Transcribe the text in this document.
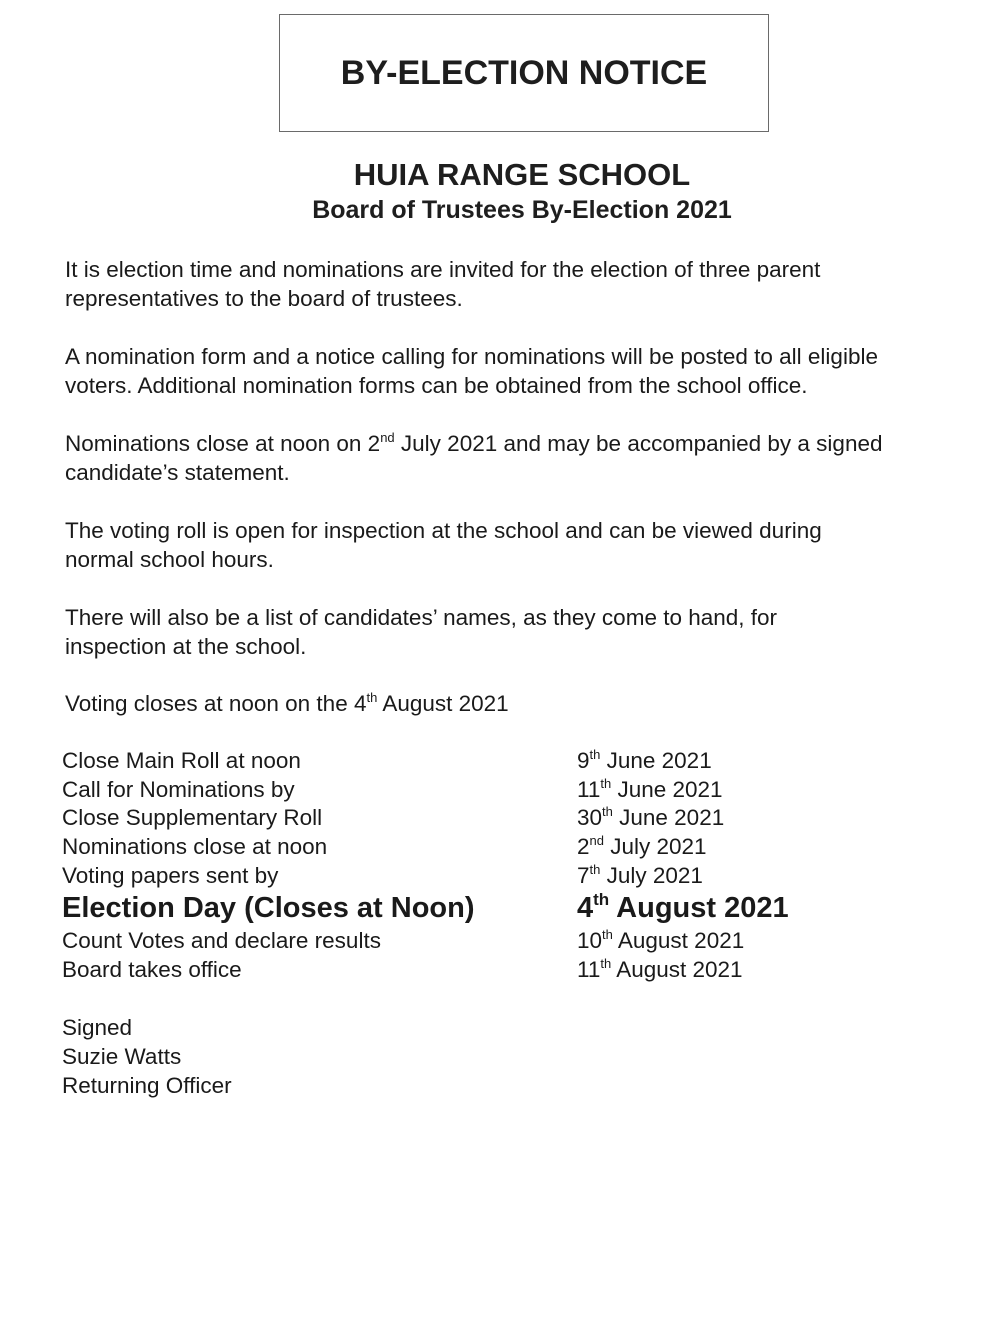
BY-ELECTION NOTICE
HUIA RANGE SCHOOL
Board of Trustees By-Election 2021
It is election time and nominations are invited for the election of three parent
representatives to the board of trustees.
A nomination form and a notice calling for nominations will be posted to all eligible
voters. Additional nomination forms can be obtained from the school office.
Nominations close at noon on 2nd July 2021 and may be accompanied by a signed
candidate’s statement.
The voting roll is open for inspection at the school and can be viewed during
normal school hours.
There will also be a list of candidates’ names, as they come to hand, for
inspection at the school.
Voting closes at noon on the 4th August 2021
Close Main Roll at noon	9th June 2021
Call for Nominations by	11th June 2021
Close Supplementary Roll	30th June 2021
Nominations close at noon	2nd July 2021
Voting papers sent by	7th July 2021
Election Day (Closes at Noon)	4th August 2021
Count Votes and declare results	10th August 2021
Board takes office	11th August 2021
Signed
Suzie Watts
Returning Officer
